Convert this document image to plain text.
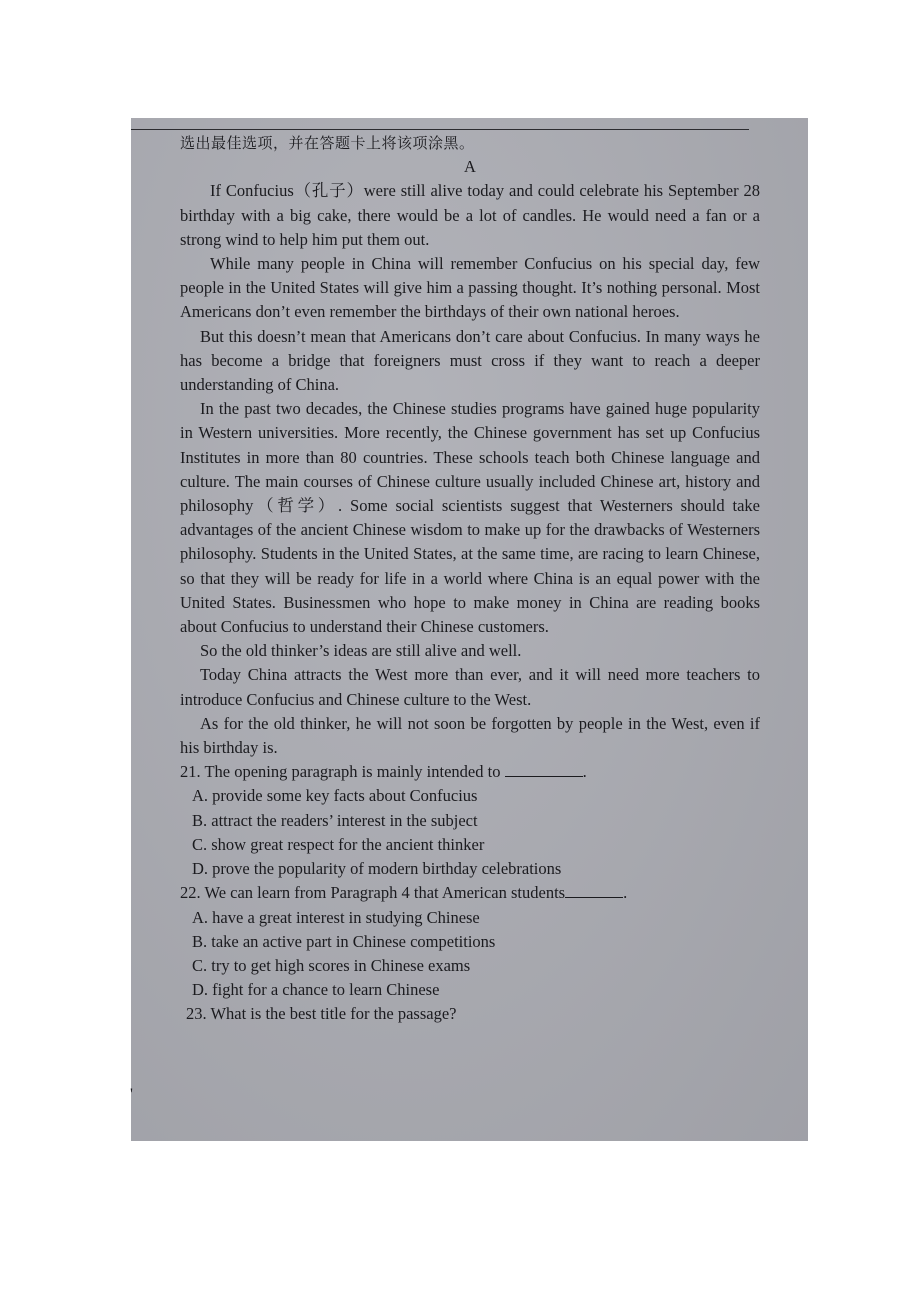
'
选出最佳选项，并在答题卡上将该项涂黑。
A

If Confucius（孔子）were still alive today and could celebrate his September 28 birthday with a big cake, there would be a lot of candles. He would need a fan or a strong wind to help him put them out.

While many people in China will remember Confucius on his special day, few people in the United States will give him a passing thought. It’s nothing personal. Most Americans don’t even remember the birthdays of their own national heroes.

But this doesn’t mean that Americans don’t care about Confucius. In many ways he has become a bridge that foreigners must cross if they want to reach a deeper understanding of China.

In the past two decades, the Chinese studies programs have gained huge popularity in Western universities. More recently, the Chinese government has set up Confucius Institutes in more than 80 countries. These schools teach both Chinese language and culture. The main courses of Chinese culture usually included Chinese art, history and philosophy（哲学）. Some social scientists suggest that Westerners should take advantages of the ancient Chinese wisdom to make up for the drawbacks of Westerners philosophy. Students in the United States, at the same time, are racing to learn Chinese, so that they will be ready for life in a world where China is an equal power with the United States. Businessmen who hope to make money in China are reading books about Confucius to understand their Chinese customers.

So the old thinker’s ideas are still alive and well.

Today China attracts the West more than ever, and it will need more teachers to introduce Confucius and Chinese culture to the West.

As for the old thinker, he will not soon be forgotten by people in the West, even if his birthday is.

21. The opening paragraph is mainly intended to	.
A. provide some key facts about Confucius
B. attract the readers’ interest in the subject
C. show great respect for the ancient thinker
D. prove the popularity of modern birthday celebrations
22. We can learn from Paragraph 4 that American students	.
A. have a great interest in studying Chinese
B. take an active part in Chinese competitions
C. try to get high scores in Chinese exams
D. fight for a chance to learn Chinese
23. What is the best title for the passage?
